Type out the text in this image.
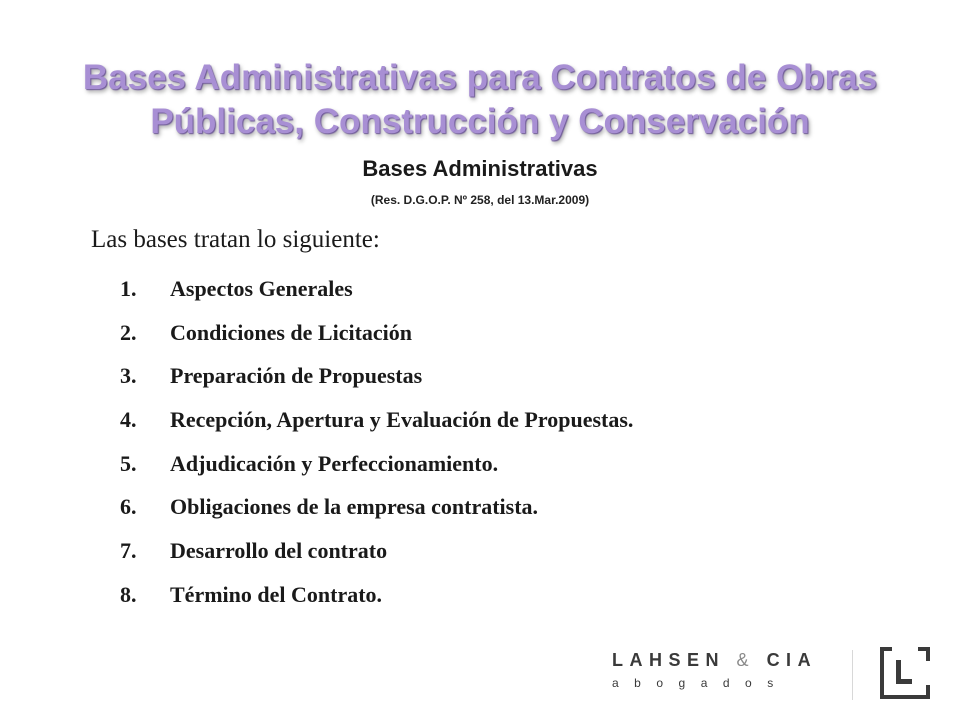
Bases Administrativas para Contratos de Obras
Públicas, Construcción y Conservación
Bases Administrativas
(Res. D.G.O.P. Nº 258, del 13.Mar.2009)
Las bases tratan lo siguiente:
1. Aspectos Generales
2. Condiciones de Licitación
3. Preparación de Propuestas
4. Recepción, Apertura y Evaluación de Propuestas.
5. Adjudicación y Perfeccionamiento.
6. Obligaciones de la empresa contratista.
7. Desarrollo del contrato
8. Término del Contrato.
LAHSEN & CIA
abogados
